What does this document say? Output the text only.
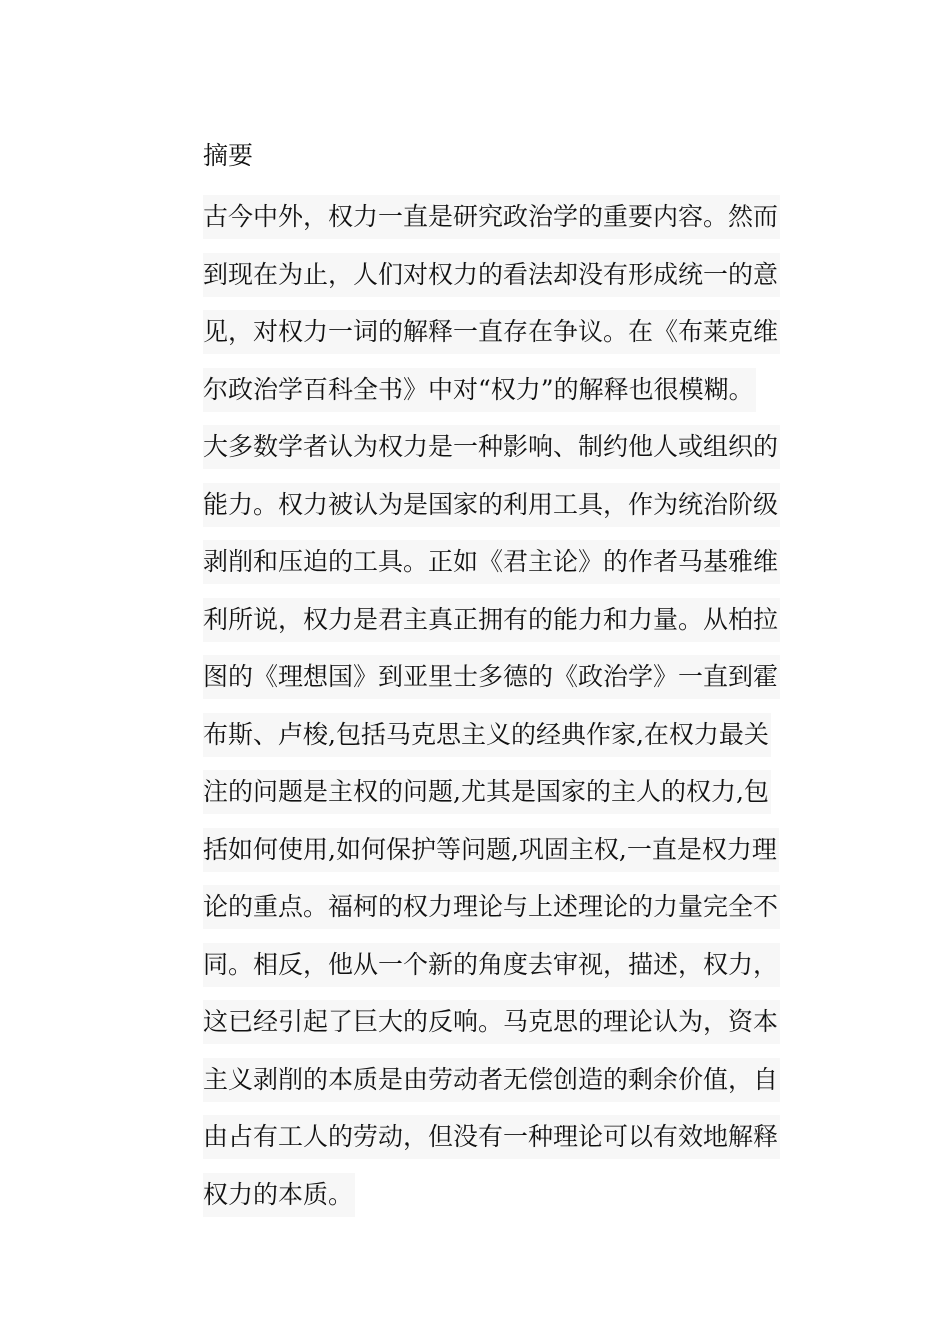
摘要
古今中外，权力一直是研究政治学的重要内容。然而
到现在为止，人们对权力的看法却没有形成统一的意
见，对权力一词的解释一直存在争议。在《布莱克维
尔政治学百科全书》中对“权力”的解释也很模糊。
大多数学者认为权力是一种影响、制约他人或组织的
能力。权力被认为是国家的利用工具，作为统治阶级
剥削和压迫的工具。正如《君主论》的作者马基雅维
利所说，权力是君主真正拥有的能力和力量。从柏拉
图的《理想国》到亚里士多德的《政治学》一直到霍
布斯、卢梭,包括马克思主义的经典作家,在权力最关
注的问题是主权的问题,尤其是国家的主人的权力,包
括如何使用,如何保护等问题,巩固主权,一直是权力理
论的重点。福柯的权力理论与上述理论的力量完全不
同。相反，他从一个新的角度去审视，描述，权力，
这已经引起了巨大的反响。马克思的理论认为，资本
主义剥削的本质是由劳动者无偿创造的剩余价值，自
由占有工人的劳动，但没有一种理论可以有效地解释
权力的本质。
